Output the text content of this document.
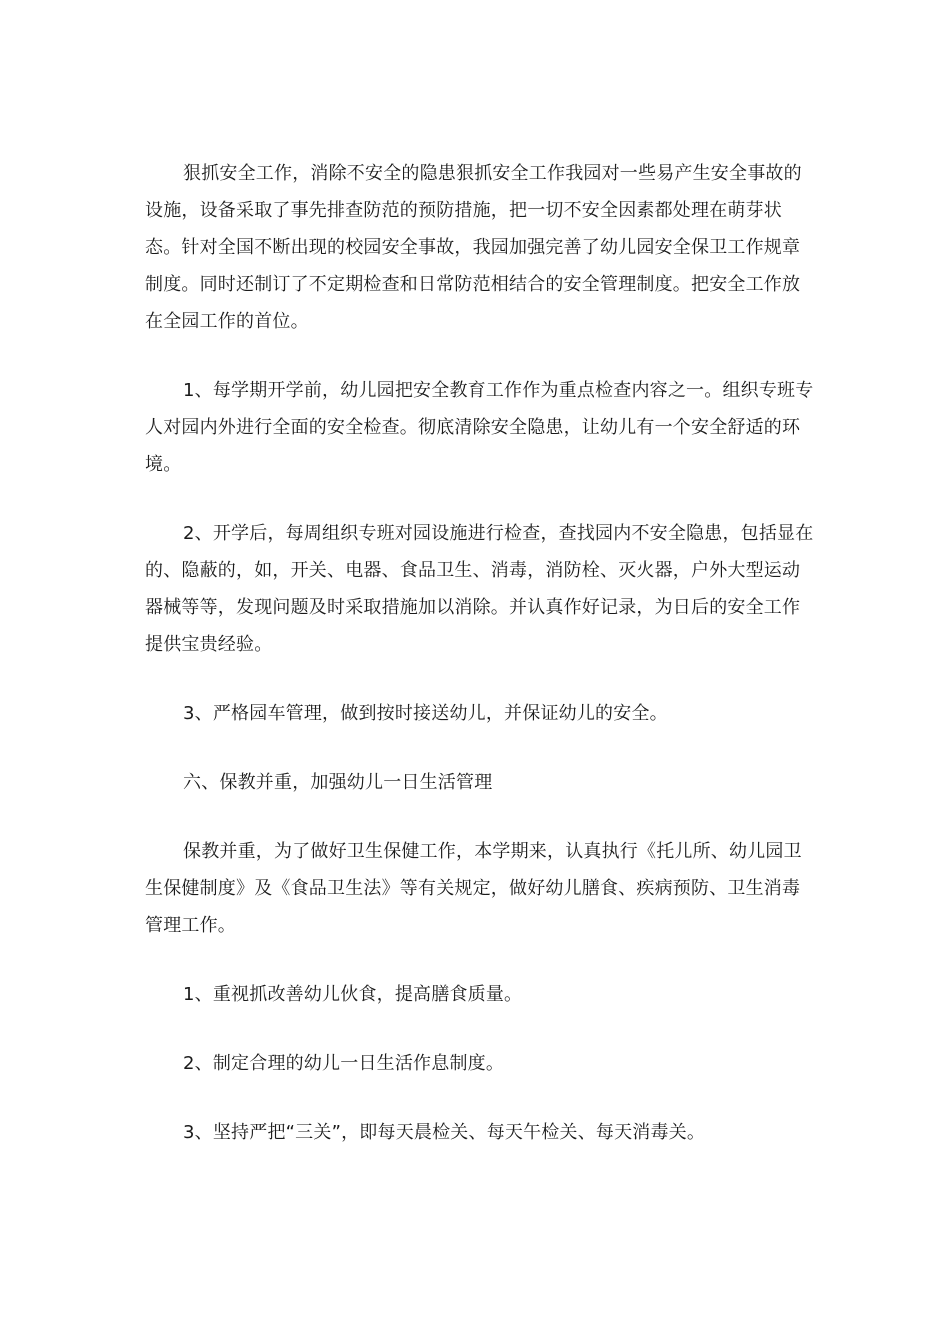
狠抓安全工作，消除不安全的隐患狠抓安全工作我园对一些易产生安全事故的设施，设备采取了事先排查防范的预防措施，把一切不安全因素都处理在萌芽状态。针对全国不断出现的校园安全事故，我园加强完善了幼儿园安全保卫工作规章制度。同时还制订了不定期检查和日常防范相结合的安全管理制度。把安全工作放在全园工作的首位。

1、每学期开学前，幼儿园把安全教育工作作为重点检查内容之一。组织专班专人对园内外进行全面的安全检查。彻底清除安全隐患，让幼儿有一个安全舒适的环境。

2、开学后，每周组织专班对园设施进行检查，查找园内不安全隐患，包括显在的、隐蔽的，如，开关、电器、食品卫生、消毒，消防栓、灭火器，户外大型运动器械等等，发现问题及时采取措施加以消除。并认真作好记录，为日后的安全工作提供宝贵经验。

3、严格园车管理，做到按时接送幼儿，并保证幼儿的安全。

六、保教并重，加强幼儿一日生活管理

保教并重，为了做好卫生保健工作，本学期来，认真执行《托儿所、幼儿园卫生保健制度》及《食品卫生法》等有关规定，做好幼儿膳食、疾病预防、卫生消毒管理工作。

1、重视抓改善幼儿伙食，提高膳食质量。

2、制定合理的幼儿一日生活作息制度。

3、坚持严把“三关”，即每天晨检关、每天午检关、每天消毒关。
